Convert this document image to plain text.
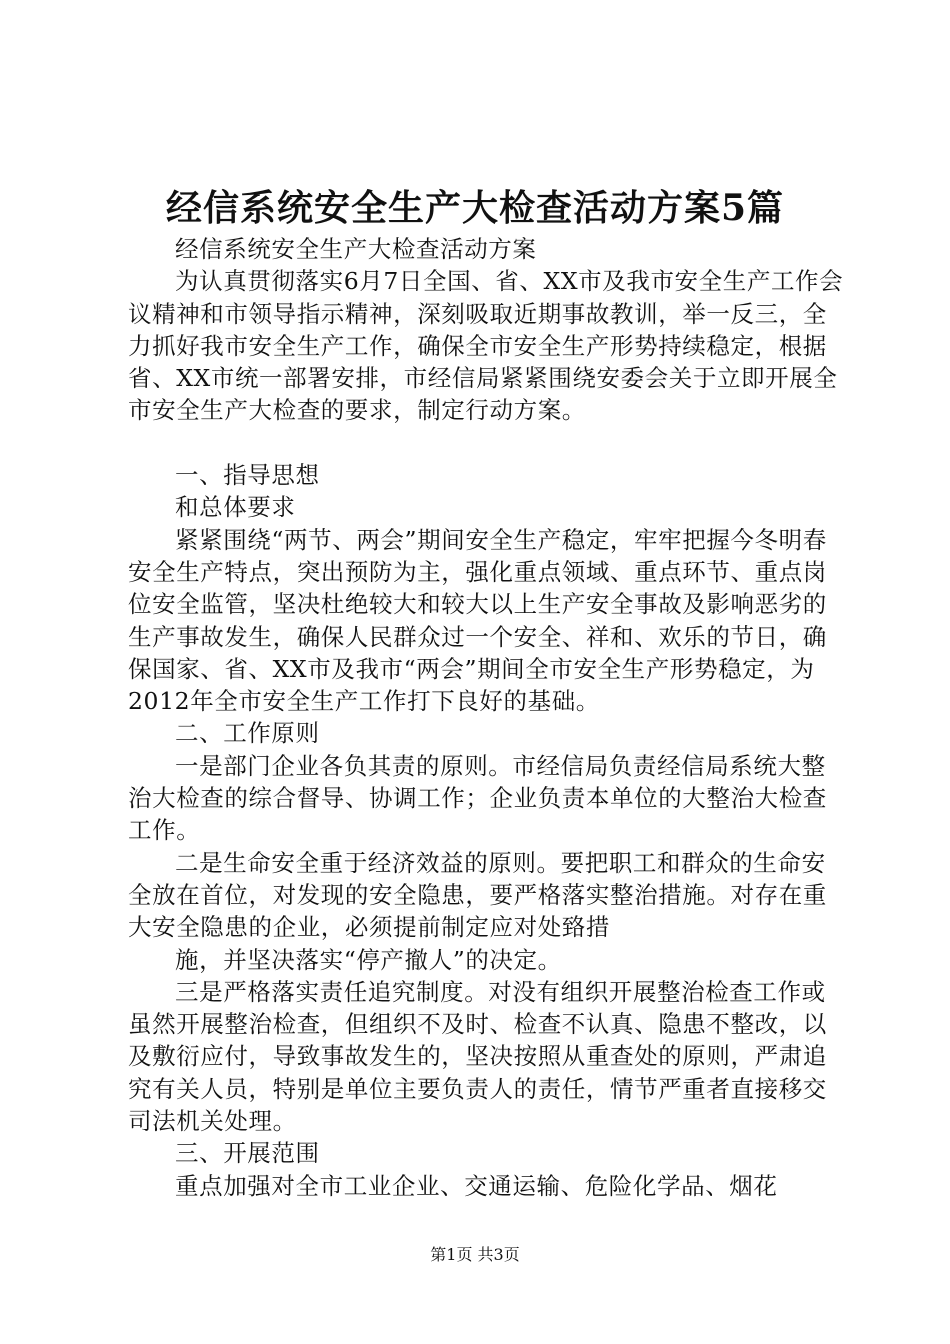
经信系统安全生产大检查活动方案5篇

经信系统安全生产大检查活动方案

为认真贯彻落实6月7日全国、省、XX市及我市安全生产工作会议精神和市领导指示精神，深刻吸取近期事故教训，举一反三，全力抓好我市安全生产工作，确保全市安全生产形势持续稳定，根据省、XX市统一部署安排，市经信局紧紧围绕安委会关于立即开展全市安全生产大检查的要求，制定行动方案。

一、指导思想

和总体要求

紧紧围绕“两节、两会”期间安全生产稳定，牢牢把握今冬明春安全生产特点，突出预防为主，强化重点领域、重点环节、重点岗位安全监管，坚决杜绝较大和较大以上生产安全事故及影响恶劣的生产事故发生，确保人民群众过一个安全、祥和、欢乐的节日，确保国家、省、XX市及我市“两会”期间全市安全生产形势稳定，为2012年全市安全生产工作打下良好的基础。

二、工作原则

一是部门企业各负其责的原则。市经信局负责经信局系统大整治大检查的综合督导、协调工作；企业负责本单位的大整治大检查工作。

二是生命安全重于经济效益的原则。要把职工和群众的生命安全放在首位，对发现的安全隐患，要严格落实整治措施。对存在重大安全隐患的企业，必须提前制定应对处臵措

施，并坚决落实“停产撤人”的决定。

三是严格落实责任追究制度。对没有组织开展整治检查工作或虽然开展整治检查，但组织不及时、检查不认真、隐患不整改，以及敷衍应付，导致事故发生的，坚决按照从重查处的原则，严肃追究有关人员，特别是单位主要负责人的责任，情节严重者直接移交司法机关处理。

三、开展范围

重点加强对全市工业企业、交通运输、危险化学品、烟花

第1页 共3页
